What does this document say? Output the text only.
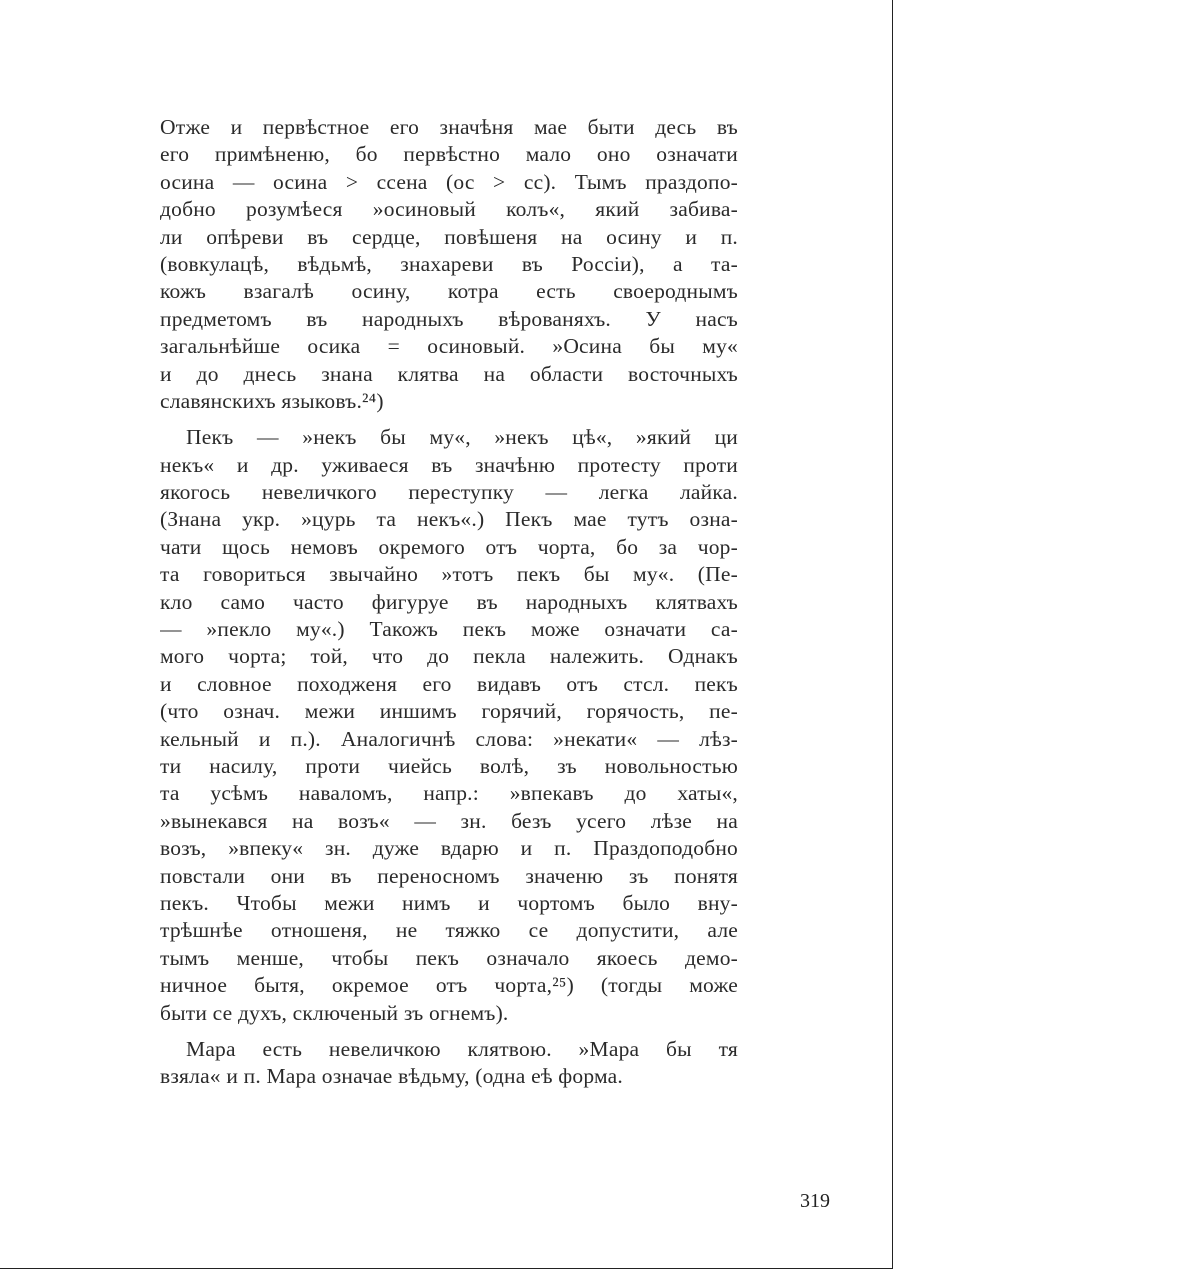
Отже и первѣстное его значѣня мае быти десь въ
его примѣненю, бо первѣстно мало оно означати
осина — осина > ссена (ос > сс). Тымъ праздопо-
добно розумѣеся »осиновый колъ«, який забива-
ли опѣреви въ сердце, повѣшеня на осину и п.
(вовкулацѣ, вѣдьмѣ, знахареви въ Россіи), а та-
кожъ взагалѣ осину, котра есть своероднымъ
предметомъ въ народныхъ вѣрованяхъ. У насъ
загальнѣйше осика = осиновый. »Осина бы му«
и до днесь знана клятва на области восточныхъ
славянскихъ языковъ.²⁴)
Пекъ — »некъ бы му«, »некъ цѣ«, »який ци
некъ« и др. уживаеся въ значѣню протесту проти
якогось невеличкого переступку — легка лайка.
(Знана укр. »цурь та некъ«.) Пекъ мае тутъ озна-
чати щось немовъ окремого отъ чорта, бо за чор-
та говориться звычайно »тотъ пекъ бы му«. (Пе-
кло само часто фигуруе въ народныхъ клятвахъ
— »пекло му«.) Такожъ пекъ може означати са-
мого чорта; той, что до пекла належить. Однакъ
и словное походженя его видавъ отъ стсл. пекъ
(что означ. межи иншимъ горячий, горячость, пе-
кельный и п.). Аналогичнѣ слова: »некати« — лѣз-
ти насилу, проти чиейсь волѣ, зъ новольностью
та усѣмъ наваломъ, напр.: »впекавъ до хаты«,
»вынекався на возъ« — зн. безъ усего лѣзе на
возъ, »впеку« зн. дуже вдарю и п. Праздоподобно
повстали они въ переносномъ значеню зъ понятя
пекъ. Чтобы межи нимъ и чортомъ было вну-
трѣшнѣе отношеня, не тяжко се допустити, але
тымъ менше, чтобы пекъ означало якоесь демо-
ничное бытя, окремое отъ чорта,²⁵) (тогды може
быти се духъ, сключеный зъ огнемъ).
Мара есть невеличкою клятвою. »Мара бы тя
взяла« и п. Мара означае вѣдьму, (одна еѣ форма.
319
